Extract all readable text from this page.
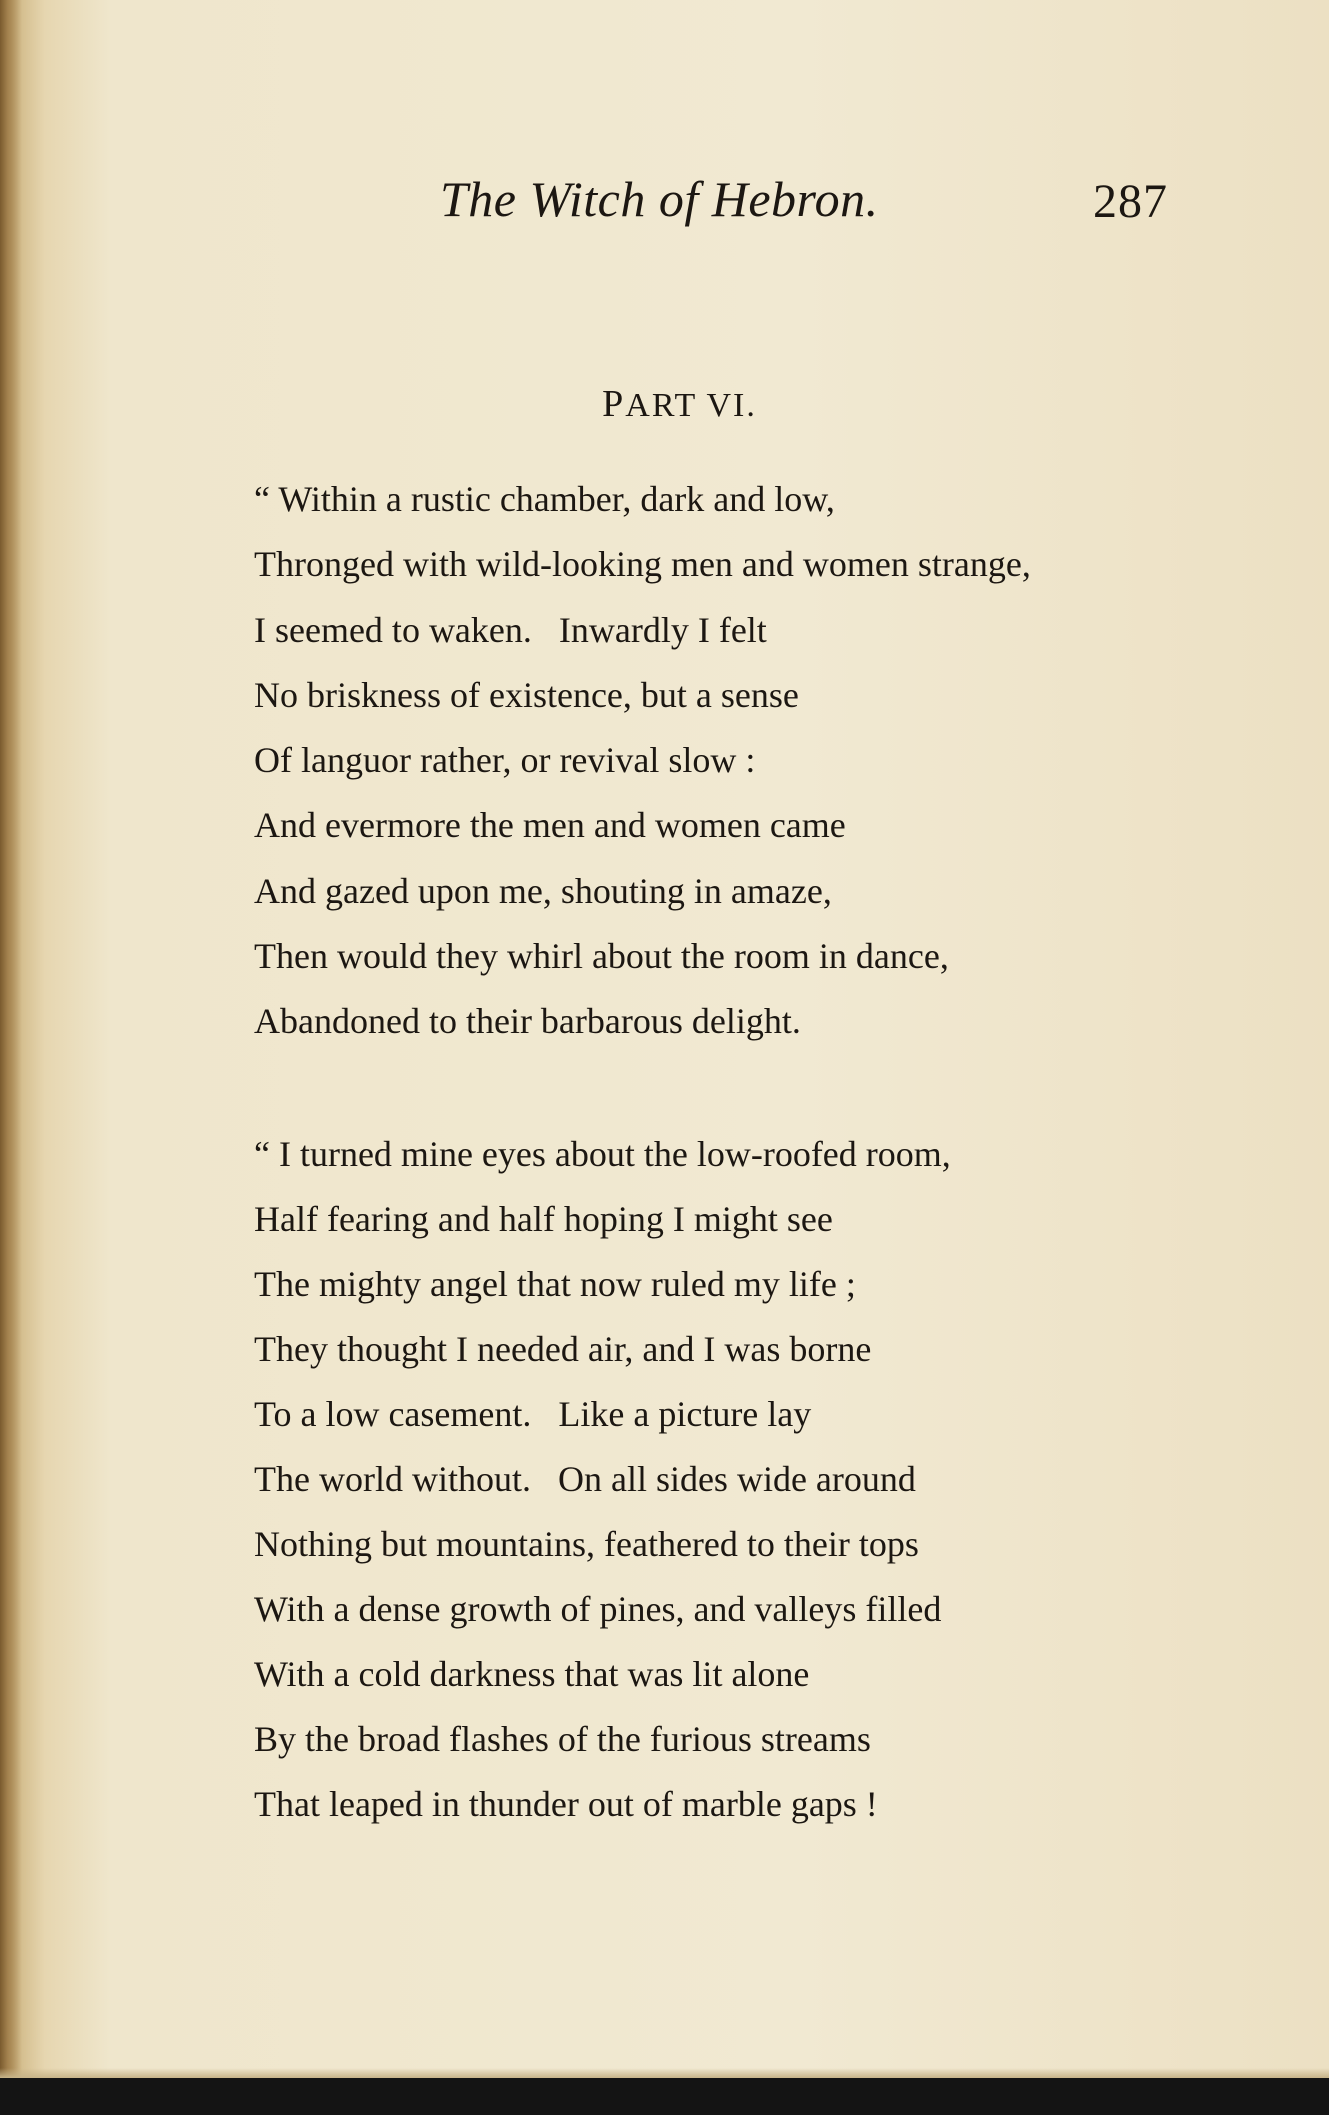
The Witch of Hebron.	287
PART VI.
“ Within a rustic chamber, dark and low,
Thronged with wild-looking men and women strange,
I seemed to waken.   Inwardly I felt
No briskness of existence, but a sense
Of languor rather, or revival slow :
And evermore the men and women came
And gazed upon me, shouting in amaze,
Then would they whirl about the room in dance,
Abandoned to their barbarous delight.
“ I turned mine eyes about the low-roofed room,
Half fearing and half hoping I might see
The mighty angel that now ruled my life ;
They thought I needed air, and I was borne
To a low casement.   Like a picture lay
The world without.   On all sides wide around
Nothing but mountains, feathered to their tops
With a dense growth of pines, and valleys filled
With a cold darkness that was lit alone
By the broad flashes of the furious streams
That leaped in thunder out of marble gaps !
